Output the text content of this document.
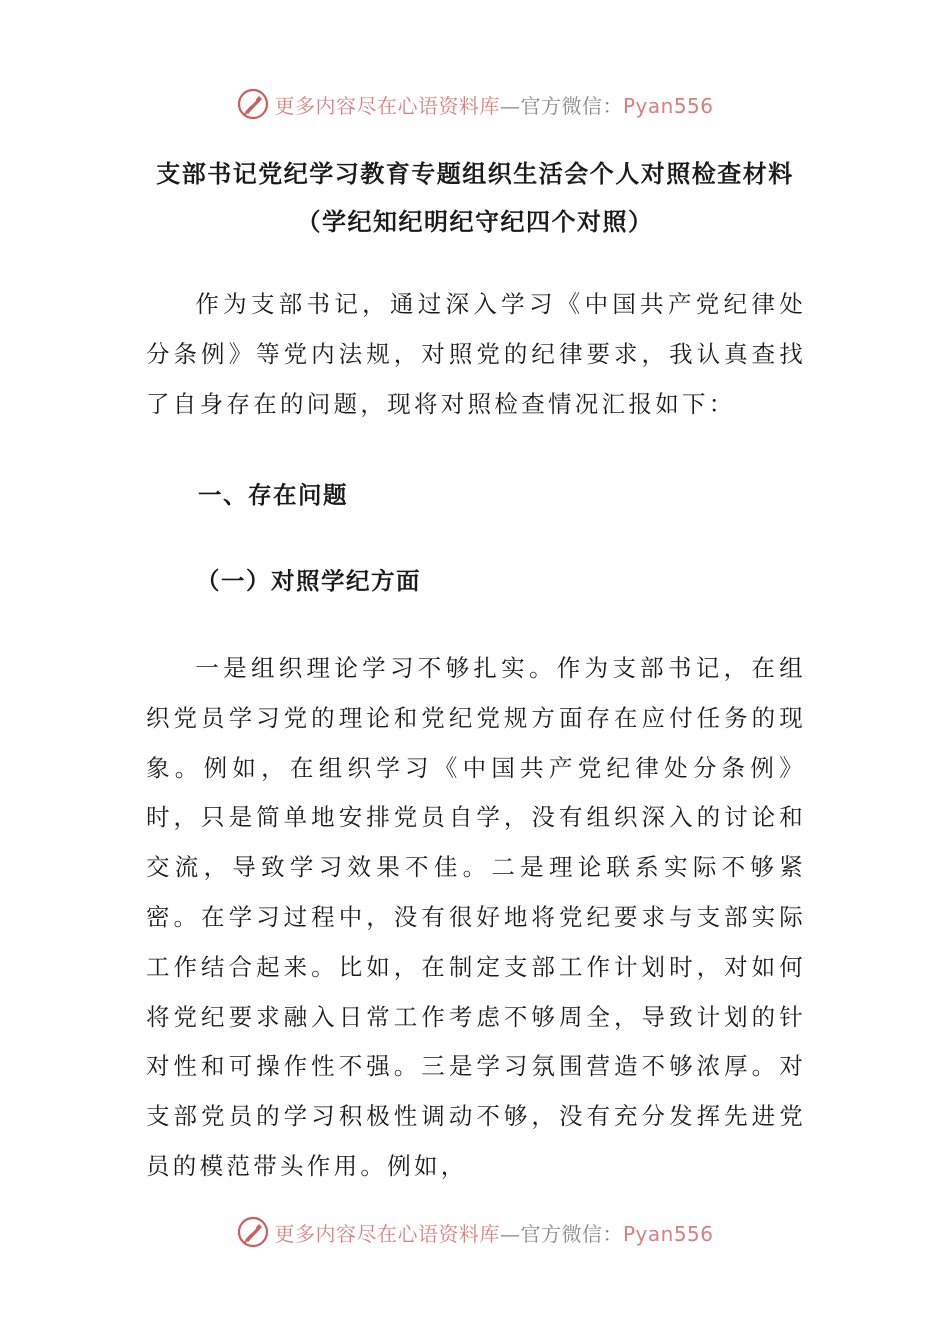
更多内容尽在心语资料库—官方微信：Pyan556
支部书记党纪学习教育专题组织生活会个人对照检查材料
（学纪知纪明纪守纪四个对照）

作为支部书记，通过深入学习《中国共产党纪律处分条例》等党内法规，对照党的纪律要求，我认真查找了自身存在的问题，现将对照检查情况汇报如下：

一、存在问题
（一）对照学纪方面

一是组织理论学习不够扎实。作为支部书记，在组织党员学习党的理论和党纪党规方面存在应付任务的现象。例如，在组织学习《中国共产党纪律处分条例》时，只是简单地安排党员自学，没有组织深入的讨论和交流，导致学习效果不佳。二是理论联系实际不够紧密。在学习过程中，没有很好地将党纪要求与支部实际工作结合起来。比如，在制定支部工作计划时，对如何将党纪要求融入日常工作考虑不够周全，导致计划的针对性和可操作性不强。三是学习氛围营造不够浓厚。对支部党员的学习积极性调动不够，没有充分发挥先进党员的模范带头作用。例如，

更多内容尽在心语资料库—官方微信：Pyan556
